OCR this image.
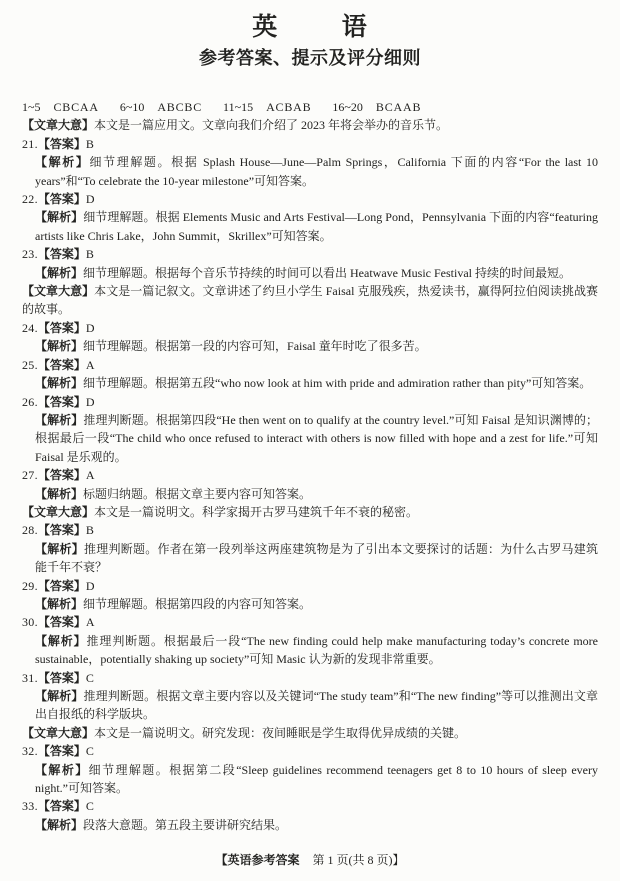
英        语
参考答案、提示及评分细则

1~5 CBCAA 6~10 ABCBC 11~15 ACBAB 16~20 BCAAB

【文章大意】本文是一篇应用文。文章向我们介绍了 2023 年将会举办的音乐节。

21.【答案】B

【解析】细节理解题。根据 Splash House—June—Palm Springs，California 下面的内容“For the last 10 years”和“To celebrate the 10-year milestone”可知答案。

22.【答案】D

【解析】细节理解题。根据 Elements Music and Arts Festival—Long Pond，Pennsylvania 下面的内容“featuring artists like Chris Lake，John Summit，Skrillex”可知答案。

23.【答案】B

【解析】细节理解题。根据每个音乐节持续的时间可以看出 Heatwave Music Festival 持续的时间最短。

【文章大意】本文是一篇记叙文。文章讲述了约旦小学生 Faisal 克服残疾，热爱读书，赢得阿拉伯阅读挑战赛的故事。

24.【答案】D

【解析】细节理解题。根据第一段的内容可知，Faisal 童年时吃了很多苦。

25.【答案】A

【解析】细节理解题。根据第五段“who now look at him with pride and admiration rather than pity”可知答案。

26.【答案】D

【解析】推理判断题。根据第四段“He then went on to qualify at the country level.”可知 Faisal 是知识渊博的；根据最后一段“The child who once refused to interact with others is now filled with hope and a zest for life.”可知 Faisal 是乐观的。

27.【答案】A

【解析】标题归纳题。根据文章主要内容可知答案。

【文章大意】本文是一篇说明文。科学家揭开古罗马建筑千年不衰的秘密。

28.【答案】B

【解析】推理判断题。作者在第一段列举这两座建筑物是为了引出本文要探讨的话题：为什么古罗马建筑能千年不衰？

29.【答案】D

【解析】细节理解题。根据第四段的内容可知答案。

30.【答案】A

【解析】推理判断题。根据最后一段“The new finding could help make manufacturing today’s concrete more sustainable，potentially shaking up society”可知 Masic 认为新的发现非常重要。

31.【答案】C

【解析】推理判断题。根据文章主要内容以及关键词“The study team”和“The new finding”等可以推测出文章出自报纸的科学版块。

【文章大意】本文是一篇说明文。研究发现：夜间睡眠是学生取得优异成绩的关键。

32.【答案】C

【解析】细节理解题。根据第二段“Sleep guidelines recommend teenagers get 8 to 10 hours of sleep every night.”可知答案。

33.【答案】C

【解析】段落大意题。第五段主要讲研究结果。

【英语参考答案 第 1 页(共 8 页)】
